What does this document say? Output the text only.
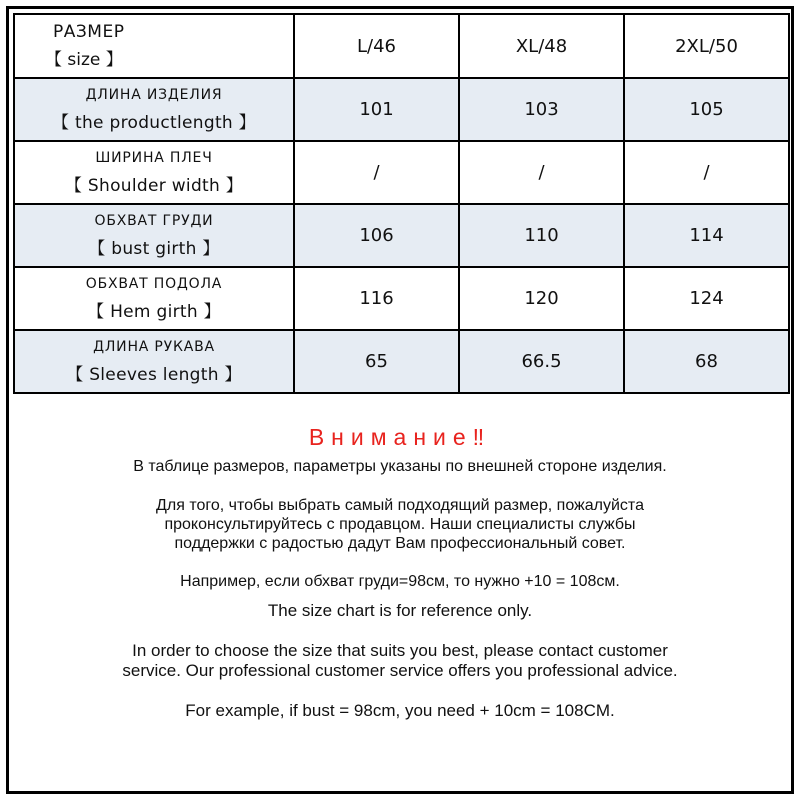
РАЗМЕР
【 size 】	L/46	XL/48	2XL/50

ДЛИНА ИЗДЕЛИЯ
【 the productlength 】	101	103	105

ШИРИНА ПЛЕЧ
【 Shoulder width 】	/	/	/

ОБХВАТ ГРУДИ
【 bust girth 】	106	110	114

ОБХВАТ ПОДОЛА
【 Hem girth 】	116	120	124

ДЛИНА РУКАВА
【 Sleeves length 】	65	66.5	68
Внимание‼
В таблице размеров, параметры указаны по внешней стороне изделия.
Для того, чтобы выбрать самый подходящий размер, пожалуйста
проконсультируйтесь с продавцом. Наши специалисты службы
поддержки с радостью дадут Вам профессиональный совет.
Например, если обхват груди=98см, то нужно +10 = 108см.
The size chart is for reference only.
In order to choose the size that suits you best, please contact customer
service. Our professional customer service offers you professional advice.
For example, if bust = 98cm, you need + 10cm = 108CM.
